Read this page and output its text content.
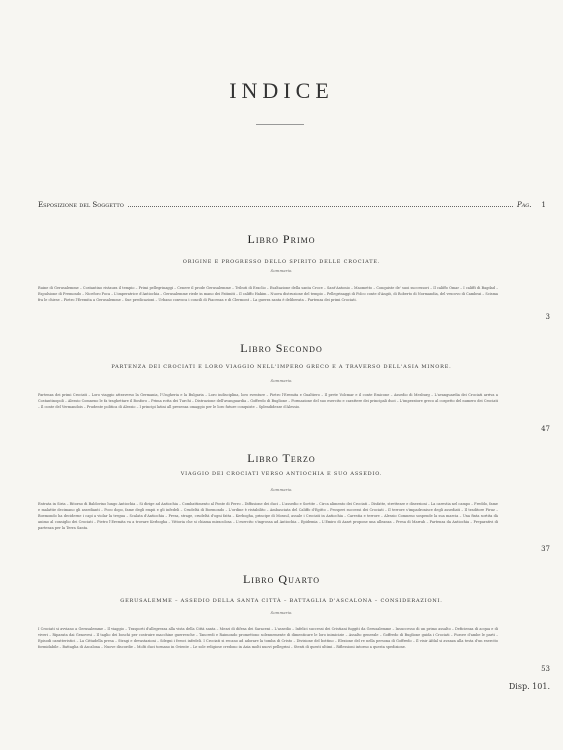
INDICE
Esposizione del Soggetto	Pag. 1
Libro Primo
ORIGINE E PROGRESSO DELLO SPIRITO DELLE CROCIATE.
Sommario.
Ruine di Gerusalemme – Costantino ristaura il tempio – Primi pellegrinaggi – Cenere il prode Gerusalemme – Tributi di Eraclio – Esaltazione della santa Croce – Sant'Antonio – Maometto – Conquiste de' suoi successori – Il califfo Omar – I califfi di Bagdad – Espulsione di Fremondo – Niceforo Foca – L'imperatrice d'Antiochia – Gerusalemme riede in mano dei Fatimiti – Il califfo Hakim – Nuova distruzione del tempio – Pellegrinaggi di Folco conte d'Angiò, di Roberto di Normandia, del vescovo di Cambrai – Scisma fra le chiese – Pietro l'Eremita a Gerusalemme – Sue predicazioni – Urbano convoca i concili di Piacenza e di Clermont – La guerra santa è deliberata – Partenza dei primi Crociati.
3
Libro Secondo
PARTENZA DEI CROCIATI E LORO VIAGGIO NELL'IMPERO GRECO E A TRAVERSO DELL'ASIA MINORE.
Sommario.
Partenza dei primi Crociati – Loro viaggio attraverso la Germania, l'Ungheria e la Bulgaria – Loro indisciplina, loro sventure – Pietro l'Eremita e Gualtiero – Il prete Volcmar e il conte Emicone – Assedio di Mesburg – L'avanguardia dei Crociati arriva a Costantinopoli – Alessio Comneno le fa traghettare il Bosforo – Prima rotta dei Turchi – Distruzione dell'avanguardia – Goffredo di Buglione – Formazione del suo esercito e carattere dei principali duci – L'imperatore greco al cospetto del numero dei Crociati – Il conte del Vermandois – Prudente politica di Alessio – I principi latini all presenza omaggio per le loro future conquiste – Splendidezze d'Alessio.
47
Libro Terzo
VIAGGIO DEI CROCIATI VERSO ANTIOCHIA E SUO ASSEDIO.
Sommario.
Entrata in Siria – Ritorno di Baldovino lungo Antiochia – Si dirige ad Antiochia – Combattimento al Ponte di Ferro – Diffusione dei duci – L'assedio e Sortite – Circa alimento dei Crociati – Disfatte, strettezze e diserzioni – La carestia nel campo – Freddo, fame e malattie decimano gli assedianti – Poco dopo, fame degli empii e gli infedeli – Crudeltà di Boemondo – L'ordine è ristabilito – Ambasciata del Califfo d'Egitto – Prosperi successi dei Crociati – Il terrore s'impadronisce degli assediati – Il traditore Firuz – Boemondo ha deciderne i capi a violar la tregua – Scalata d'Antiochia – Presa, strage, crudeltà d'ogni fatta – Kerbogha, principe di Mossul, assale i Crociati in Antiochia – Carestia e terrore – Alessio Comneno sospende la sua marcia – Una finta sortita dà animo al consiglio dei Crociati – Pietro l'Eremita va a trovare Kerbogha – Vittoria che si chiama miracolosa – L'esercito s'ingrossa ad Antiochia – Epidemia – L'Emiro di Azart propone una alleanza – Presa di Marrah – Partenza da Antiochia – Preparativi di partenza per la Terra Santa.
37
Libro Quarto
GERUSALEMME – ASSEDIO DELLA SANTA CITTÀ – BATTAGLIA D'ASCALONA – CONSIDERAZIONI.
Sommario.
I Crociati si avviano a Gerusalemme – Il viaggio – Trasporti d'allegrezza alla vista della Città santa – Mezzi di difesa dei Saraceni – L'assedio – Infelici successi dei Cristiani fuggiti da Gerusalemme – Insuccesso di un primo assalto – Deficienza di acqua e di viveri – Riparata dai Genovesi – Il taglio dei boschi per costruire macchine guerresche – Tancredi e Raimondo promettono solennemente di dimenticare le loro inimicizie – Assalto generale – Goffredo di Buglione guida i Crociati – Furore d'ambe le parti – Episodi caratteristici – La Cittadella presa – Stragi e devastazioni – Sdegni i feroci infedeli. I Crociati si recano ad adorare la tomba di Cristo – Divisione del bottino – Elezione del re nella persona di Goffredo – Il visir Afdal si avanza alla testa d'un esercito formidabile – Battaglia di Ascalona – Nuove discordie – Molti duci tornano in Oriente – Le sole religiose credono in Asia molti nuovi pellegrini – Stenti di questi ultimi – Riflessioni intorno a questa spedizione.
53
Disp. 101.
